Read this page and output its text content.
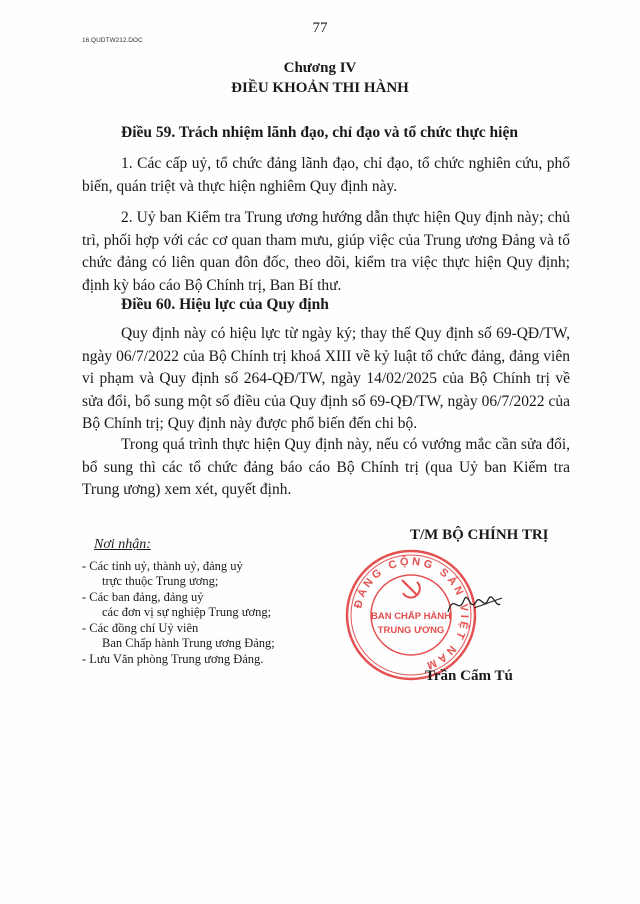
16.QUDTW212.DOC
77
Chương IV
ĐIỀU KHOẢN THI HÀNH
Điều 59. Trách nhiệm lãnh đạo, chỉ đạo và tổ chức thực hiện
1. Các cấp uỷ, tổ chức đảng lãnh đạo, chỉ đạo, tổ chức nghiên cứu, phổ biến, quán triệt và thực hiện nghiêm Quy định này.
2. Uỷ ban Kiểm tra Trung ương hướng dẫn thực hiện Quy định này; chủ trì, phối hợp với các cơ quan tham mưu, giúp việc của Trung ương Đảng và tổ chức đảng có liên quan đôn đốc, theo dõi, kiểm tra việc thực hiện Quy định; định kỳ báo cáo Bộ Chính trị, Ban Bí thư.
Điều 60. Hiệu lực của Quy định
Quy định này có hiệu lực từ ngày ký; thay thế Quy định số 69-QĐ/TW, ngày 06/7/2022 của Bộ Chính trị khoá XIII về kỷ luật tổ chức đảng, đảng viên vi phạm và Quy định số 264-QĐ/TW, ngày 14/02/2025 của Bộ Chính trị về sửa đổi, bổ sung một số điều của Quy định số 69-QĐ/TW, ngày 06/7/2022 của Bộ Chính trị; Quy định này được phổ biến đến chi bộ.
Trong quá trình thực hiện Quy định này, nếu có vướng mắc cần sửa đổi, bổ sung thì các tổ chức đảng báo cáo Bộ Chính trị (qua Uỷ ban Kiểm tra Trung ương) xem xét, quyết định.
Nơi nhận:
- Các tỉnh uỷ, thành uỷ, đảng uỷ
trực thuộc Trung ương;
- Các ban đảng, đảng uỷ
các đơn vị sự nghiệp Trung ương;
- Các đồng chí Uỷ viên
Ban Chấp hành Trung ương Đảng;
- Lưu Văn phòng Trung ương Đảng.
T/M BỘ CHÍNH TRỊ
ĐẢNG CỘNG SẢN VIỆT NAM
BAN CHẤP HÀNH
TRUNG ƯƠNG
Trần Cẩm Tú
